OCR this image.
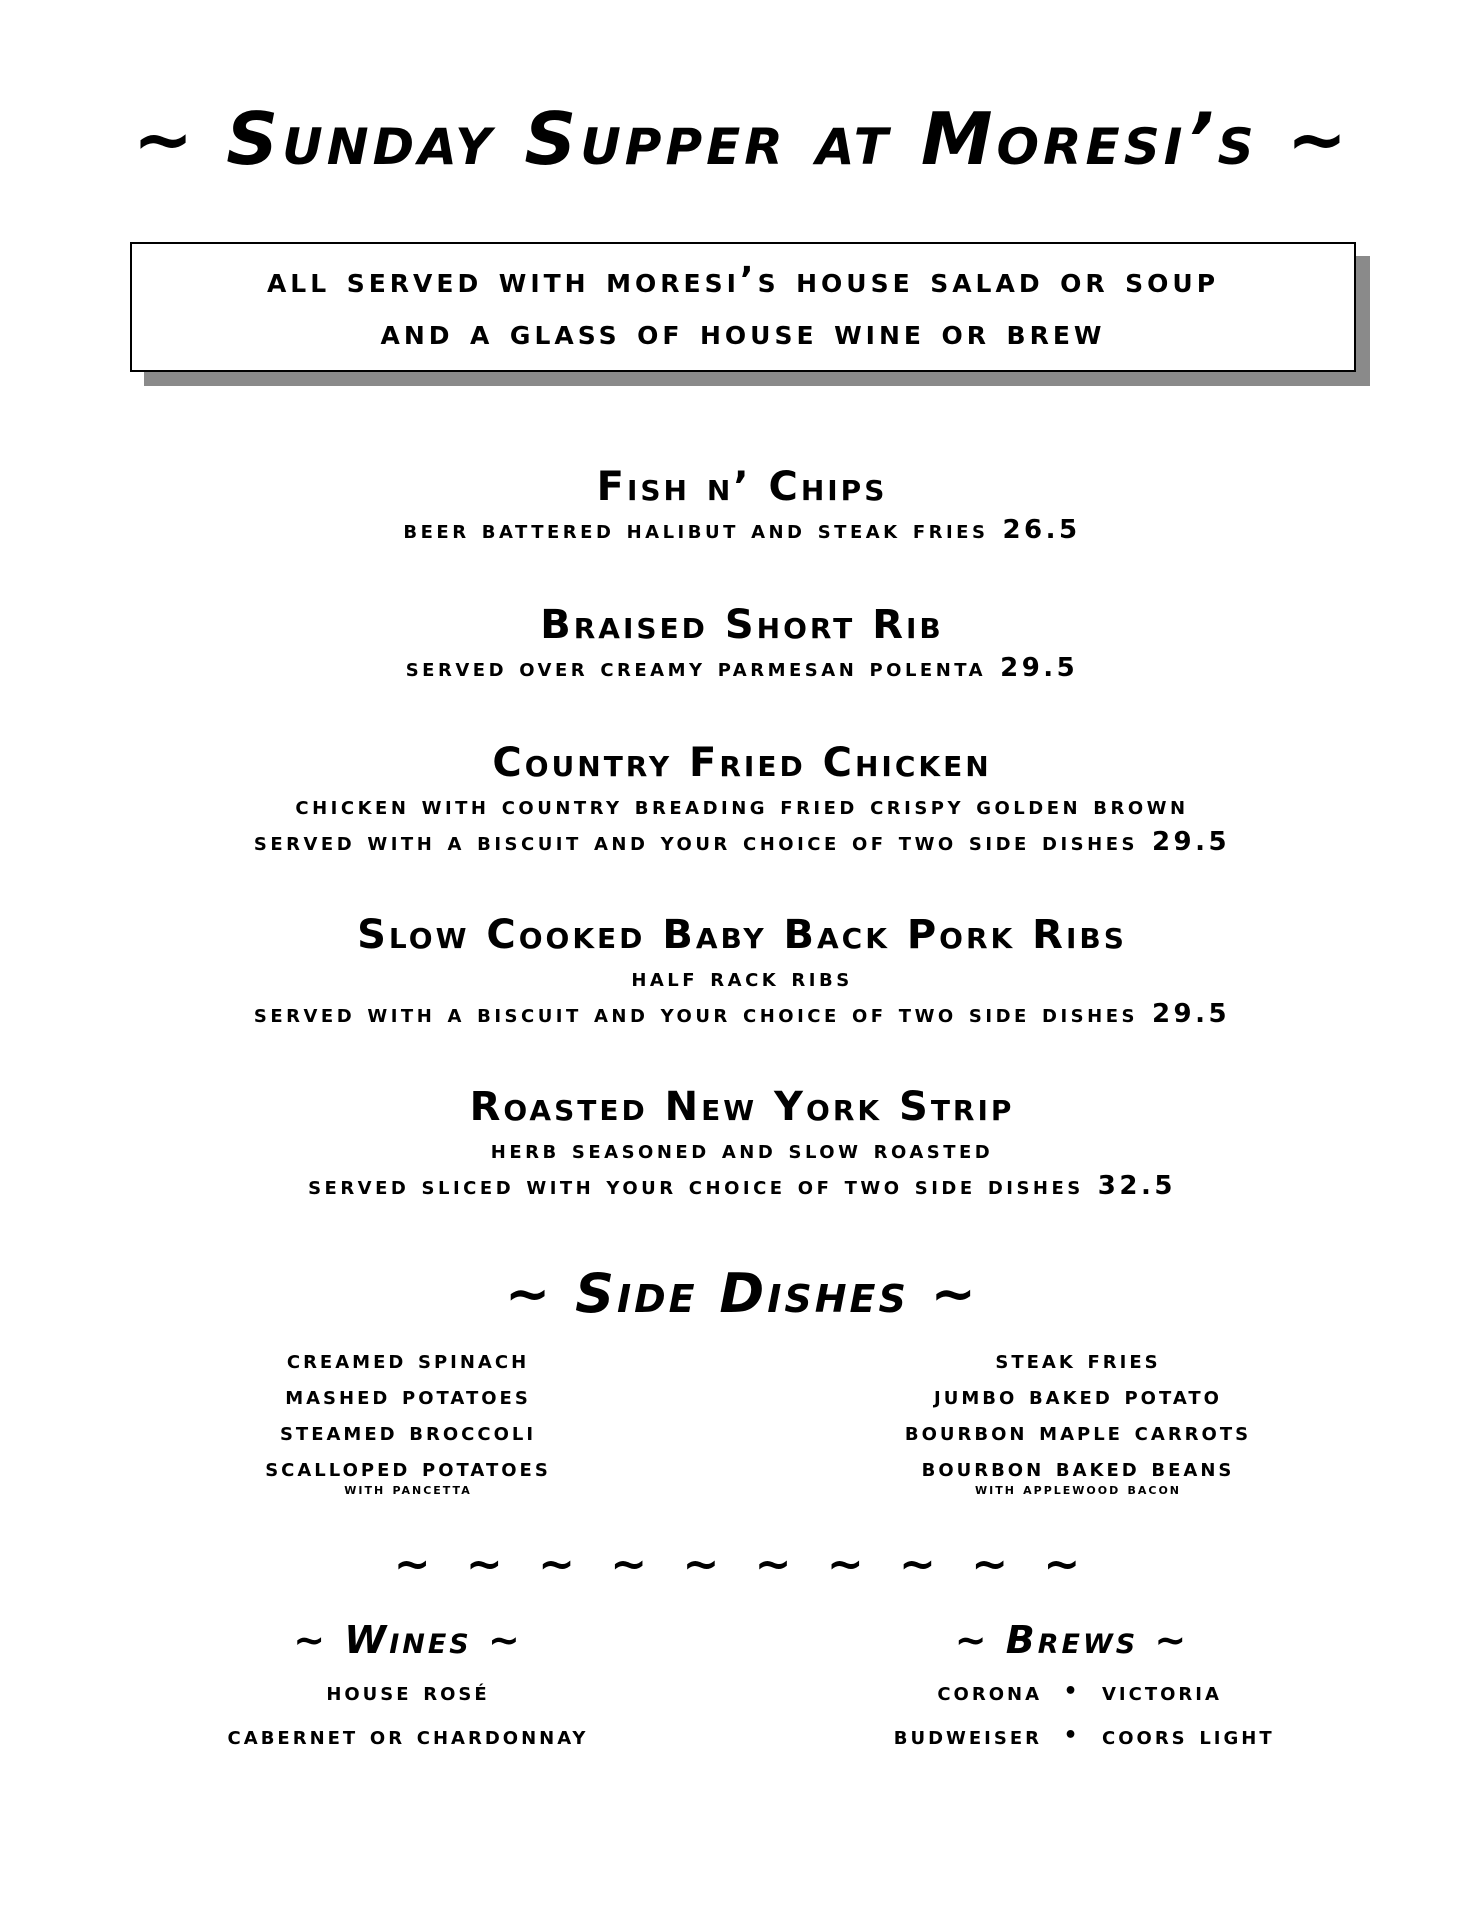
~ Sunday Supper at Moresi’s ~
all served with moresi’s house salad or soup
and a glass of house wine or brew
Fish n’ Chips
beer battered halibut and steak fries 26.5
Braised Short Rib
served over creamy parmesan polenta 29.5
Country Fried Chicken
chicken with country breading fried crispy golden brown
served with a biscuit and your choice of two side dishes 29.5
Slow Cooked Baby Back Pork Ribs
half rack ribs
served with a biscuit and your choice of two side dishes 29.5
Roasted New York Strip
herb seasoned and slow roasted
served sliced with your choice of two side dishes 32.5
~ Side Dishes ~
creamed spinach
mashed potatoes
steamed broccoli
scalloped potatoes
with pancetta
steak fries
jumbo baked potato
bourbon maple carrots
bourbon baked beans
with applewood bacon
~ ~ ~ ~ ~ ~ ~ ~ ~ ~
~ Wines ~
house rosé
cabernet or chardonnay
~ Brews ~
corona • victoria
budweiser • coors light
